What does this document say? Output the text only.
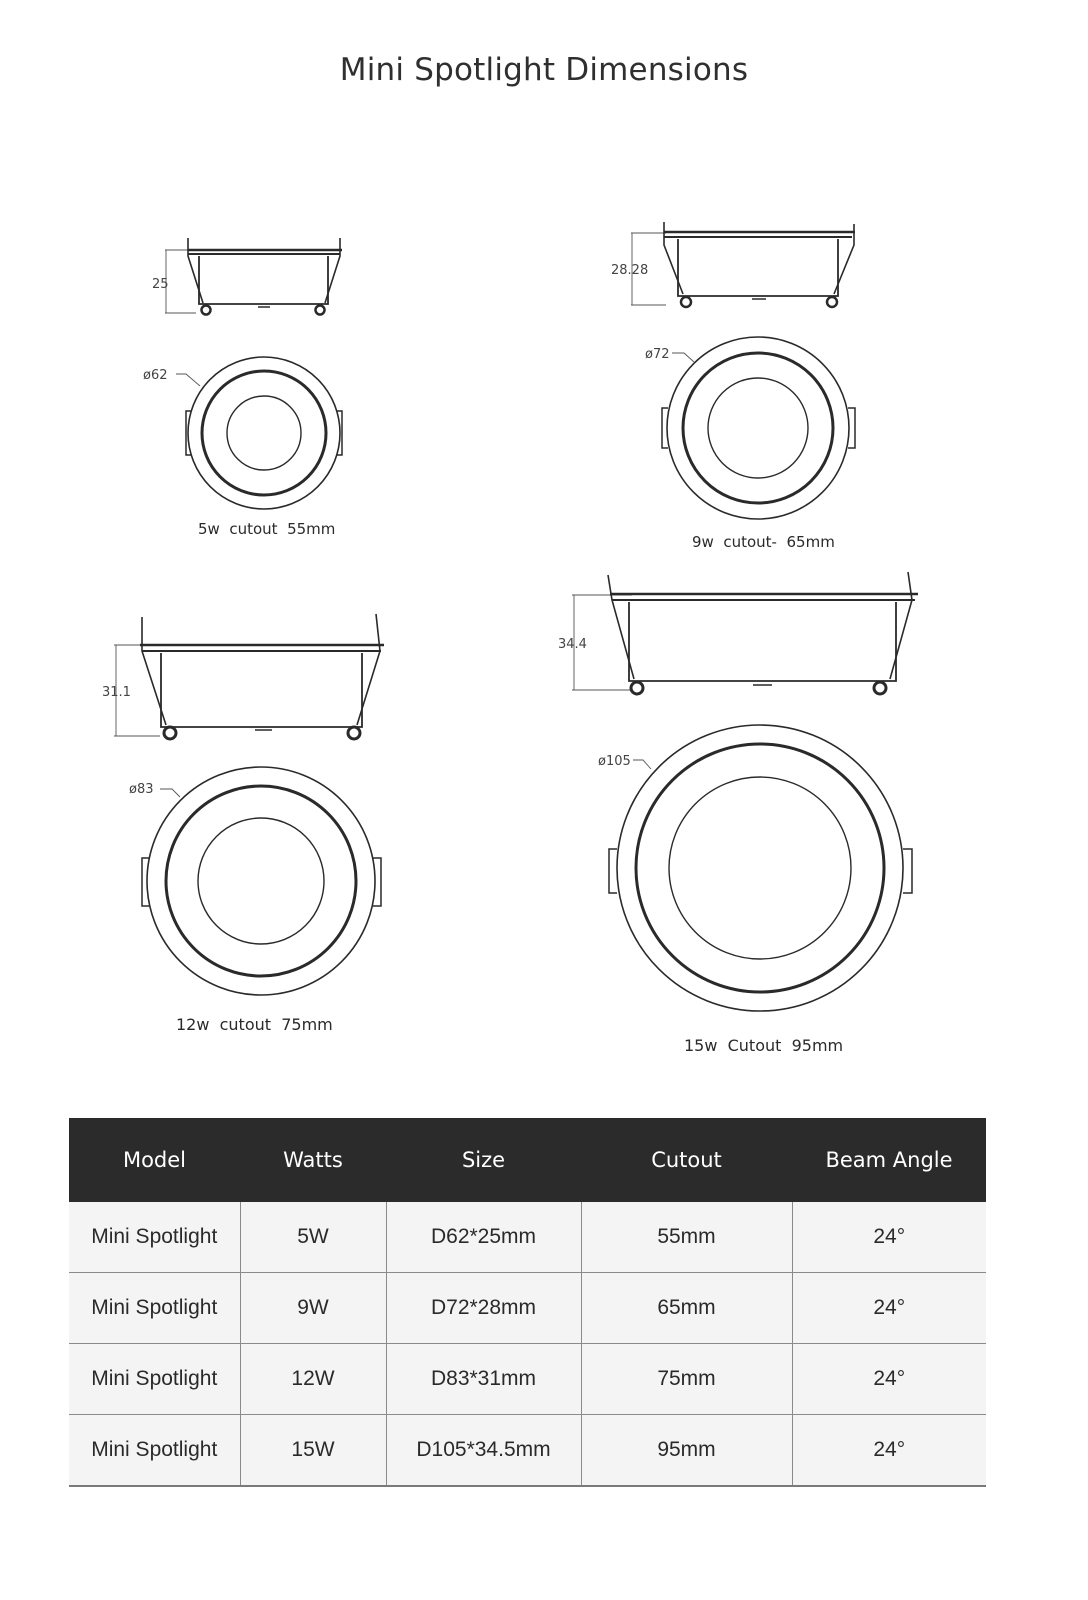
Mini Spotlight Dimensions
25
ø62
5w  cutout  55mm
28.28
ø72
9w  cutout-  65mm
31.1
ø83
12w  cutout  75mm
34.4
ø105
15w  Cutout  95mm
Model	Watts	Size	Cutout	Beam Angle
Mini Spotlight	5W	D62*25mm	55mm	24°
Mini Spotlight	9W	D72*28mm	65mm	24°
Mini Spotlight	12W	D83*31mm	75mm	24°
Mini Spotlight	15W	D105*34.5mm	95mm	24°
